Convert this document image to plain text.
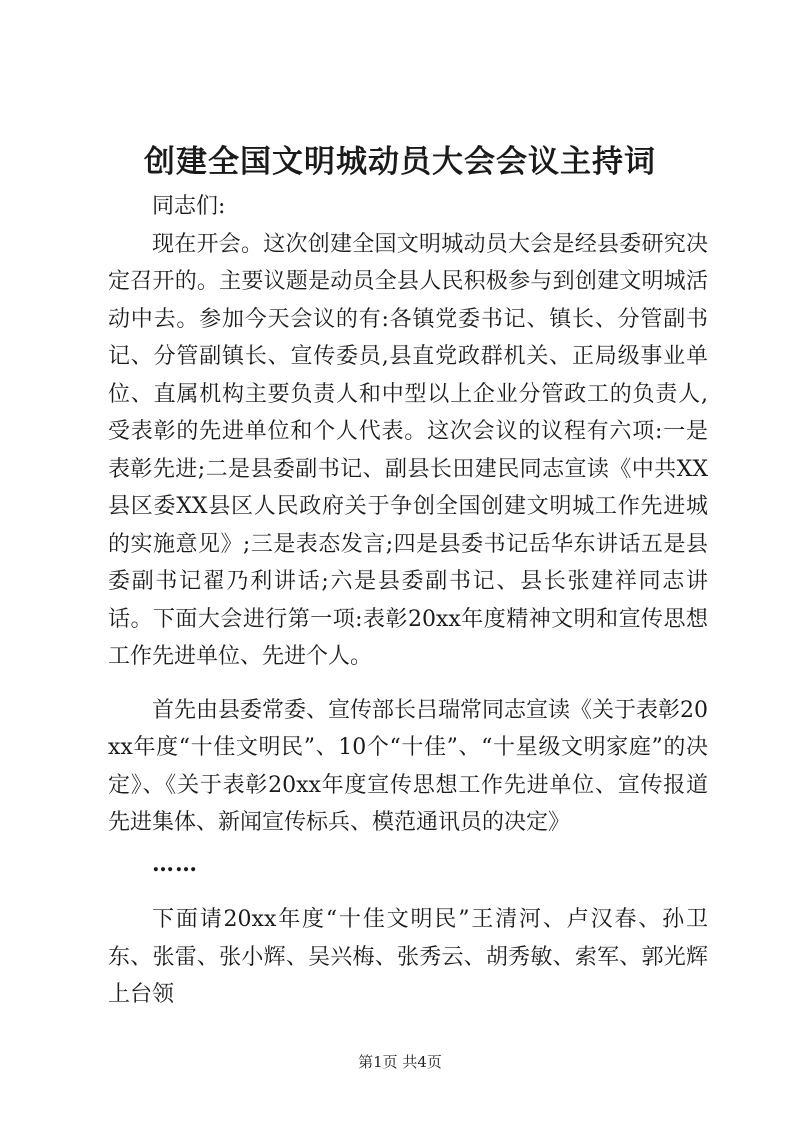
创建全国文明城动员大会会议主持词

同志们:

现在开会。这次创建全国文明城动员大会是经县委研究决定召开的。主要议题是动员全县人民积极参与到创建文明城活动中去。参加今天会议的有:各镇党委书记、镇长、分管副书记、分管副镇长、宣传委员,县直党政群机关、正局级事业单位、直属机构主要负责人和中型以上企业分管政工的负责人,受表彰的先进单位和个人代表。这次会议的议程有六项:一是表彰先进;二是县委副书记、副县长田建民同志宣读《中共XX县区委XX县区人民政府关于争创全国创建文明城工作先进城的实施意见》;三是表态发言;四是县委书记岳华东讲话五是县委副书记翟乃利讲话;六是县委副书记、县长张建祥同志讲话。下面大会进行第一项:表彰20xx年度精神文明和宣传思想工作先进单位、先进个人。

首先由县委常委、宣传部长吕瑞常同志宣读《关于表彰20xx年度“十佳文明民”、10个“十佳”、“十星级文明家庭”的决定》、《关于表彰20xx年度宣传思想工作先进单位、宣传报道先进集体、新闻宣传标兵、模范通讯员的决定》

……

下面请20xx年度“十佳文明民”王清河、卢汉春、孙卫东、张雷、张小辉、吴兴梅、张秀云、胡秀敏、索军、郭光辉上台领

第1页 共4页
